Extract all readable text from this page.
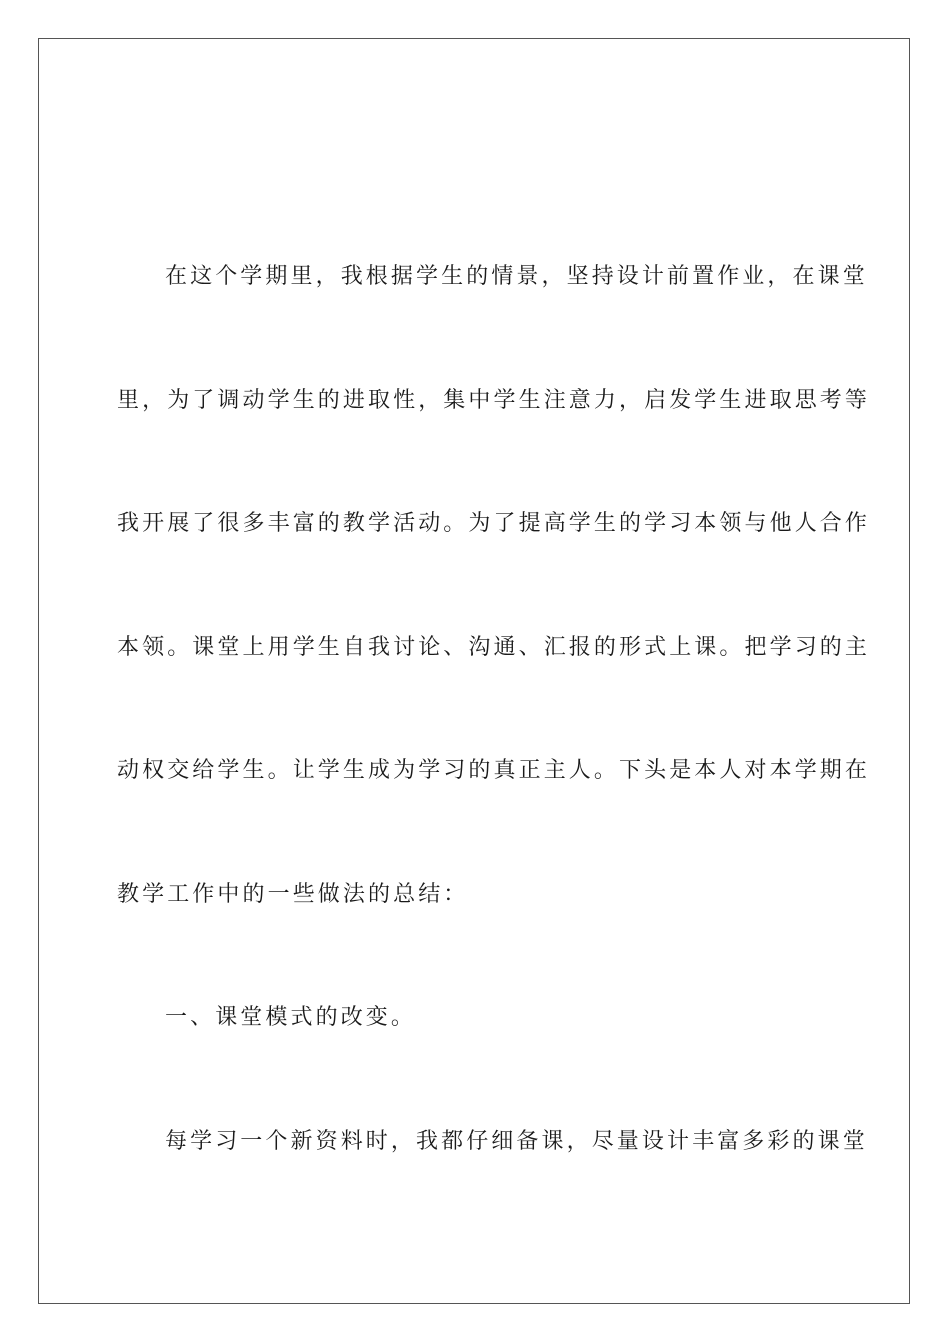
在这个学期里，我根据学生的情景，坚持设计前置作业，在课堂
里，为了调动学生的进取性，集中学生注意力，启发学生进取思考等
我开展了很多丰富的教学活动。为了提高学生的学习本领与他人合作
本领。课堂上用学生自我讨论、沟通、汇报的形式上课。把学习的主
动权交给学生。让学生成为学习的真正主人。下头是本人对本学期在
教学工作中的一些做法的总结：
一、课堂模式的改变。
每学习一个新资料时，我都仔细备课，尽量设计丰富多彩的课堂
